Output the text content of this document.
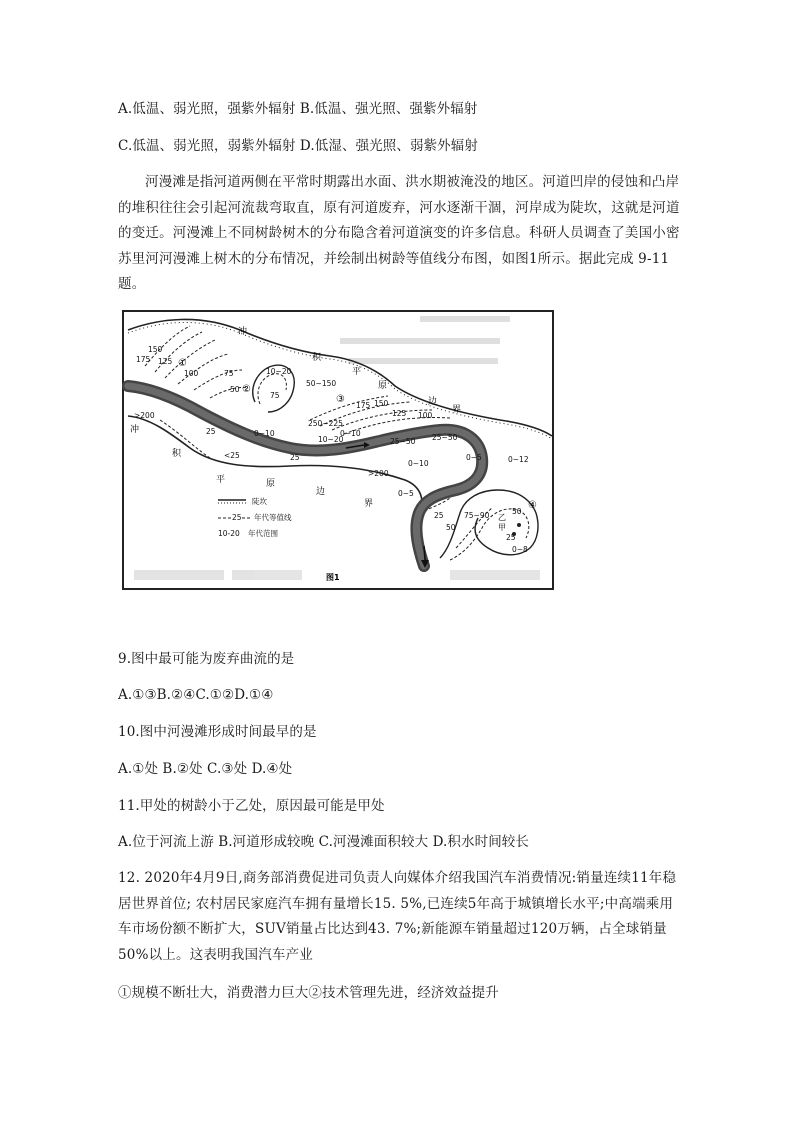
A.低温、弱光照，强紫外辐射 B.低温、强光照、强紫外辐射
C.低温、弱光照，弱紫外辐射 D.低湿、强光照、弱紫外辐射
河漫滩是指河道两侧在平常时期露出水面、洪水期被淹没的地区。河道凹岸的侵蚀和凸岸的堆积往往会引起河流裁弯取直，原有河道废弃，河水逐渐干涸，河岸成为陡坎，这就是河道的变迁。河漫滩上不同树龄树木的分布隐含着河道演变的许多信息。科研人员调查了美国小密苏里河河漫滩上树木的分布情况，并绘制出树龄等值线分布图，如图1所示。据此完成 9-11题。
冲
积
平
原
边
界
冲
积
平	原
边
界
①
②
③
④
甲
乙
175
150
125
100	75
50
10~20
50~150
>200
75
25
125
150
175
100
250~225
0~10	0~10
10~20
<25	25
25~50 25~50
0~5
0~5
0~10
>200
0~12
50
25
0~8
75~90
25
50
陡坎
25 年代等值线
10-20 年代范围
图1
9.图中最可能为废弃曲流的是
A.①③B.②④C.①②D.①④
10.图中河漫滩形成时间最早的是
A.①处 B.②处 C.③处 D.④处
11.甲处的树龄小于乙处，原因最可能是甲处
A.位于河流上游 B.河道形成较晚 C.河漫滩面积较大 D.积水时间较长
12. 2020年4月9日,商务部消费促进司负责人向媒体介绍我国汽车消费情况:销量连续11年稳居世界首位; 农村居民家庭汽车拥有量增长15. 5%,已连续5年高于城镇增长水平;中高端乘用车市场份额不断扩大，SUV销量占比达到43. 7%;新能源车销量超过120万辆，占全球销量50%以上。这表明我国汽车产业
①规模不断壮大，消费潜力巨大②技术管理先进，经济效益提升
